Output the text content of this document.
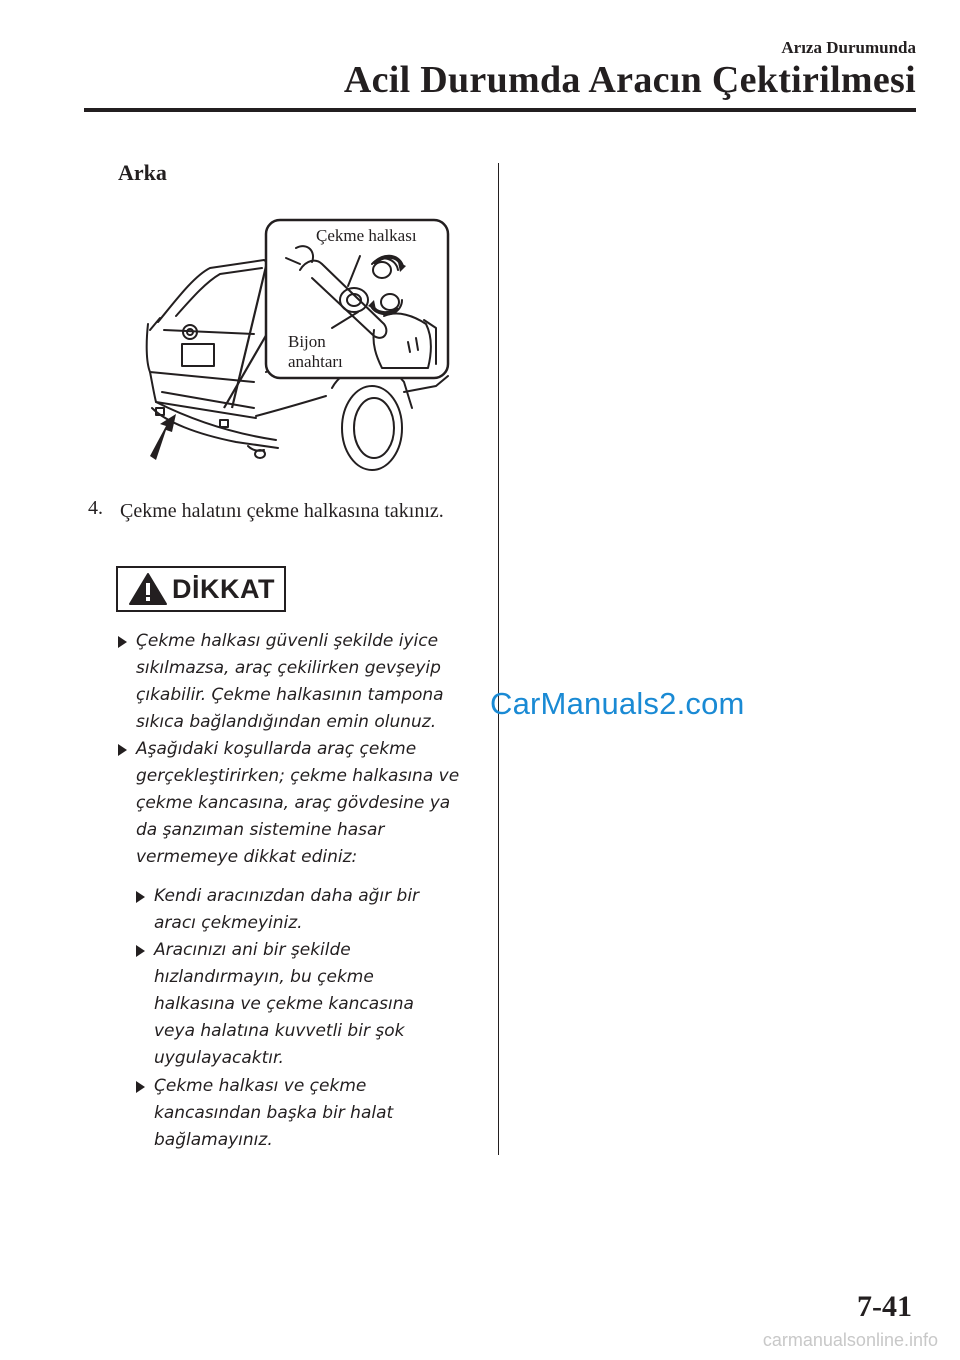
Arıza Durumunda
Acil Durumda Aracın Çektirilmesi
Arka
Çekme halkası
Bijon
anahtarı
4. Çekme halatını çekme halkasına takınız.
DİKKAT
Çekme halkası güvenli şekilde iyice sıkılmazsa, araç çekilirken gevşeyip çıkabilir. Çekme halkasının tampona sıkıca bağlandığından emin olunuz.
Aşağıdaki koşullarda araç çekme gerçekleştirirken; çekme halkasına ve çekme kancasına, araç gövdesine ya da şanzıman sistemine hasar vermemeye dikkat ediniz:
Kendi aracınızdan daha ağır bir aracı çekmeyiniz.
Aracınızı ani bir şekilde hızlandırmayın, bu çekme halkasına ve çekme kancasına veya halatına kuvvetli bir şok uygulayacaktır.
Çekme halkası ve çekme kancasından başka bir halat bağlamayınız.
CarManuals2.com
7-41
carmanualsonline.info
